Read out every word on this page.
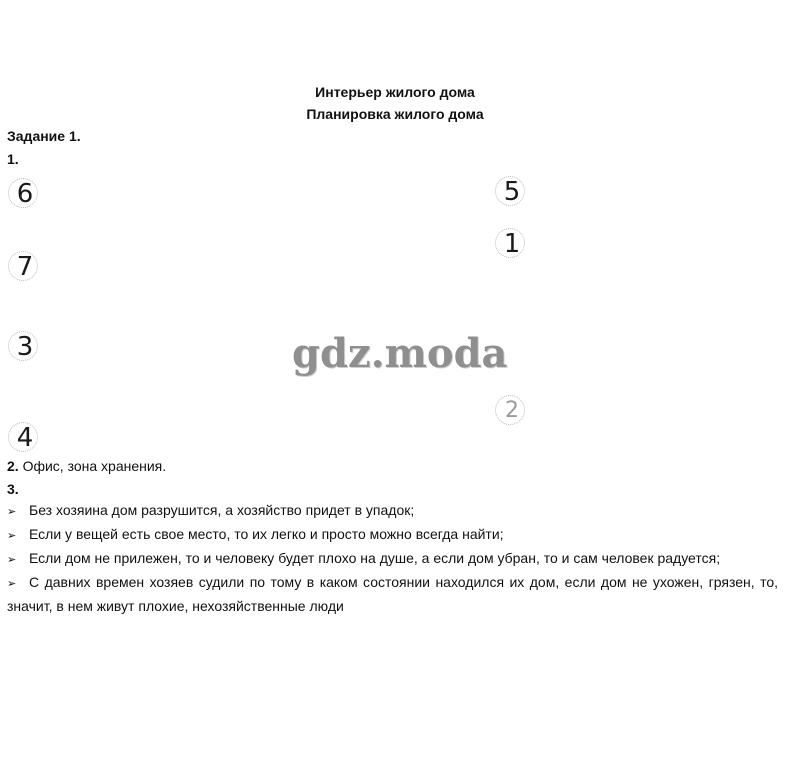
Интерьер жилого дома
Планировка жилого дома
Задание 1.
1.
6	5
1
7
3
2
4
gdz.moda
2. Офис, зона хранения.
3.

➢ Без хозяина дом разрушится, а хозяйство придет в упадок;

➢ Если у вещей есть свое место, то их легко и просто можно всегда найти;

➢ Если дом не прилежен, то и человеку будет плохо на душе, а если дом убран, то и сам человек радуется;

➢ С давних времен хозяев судили по тому в каком состоянии находился их дом, если дом не ухожен, грязен, то, значит, в нем живут плохие, нехозяйственные люди
